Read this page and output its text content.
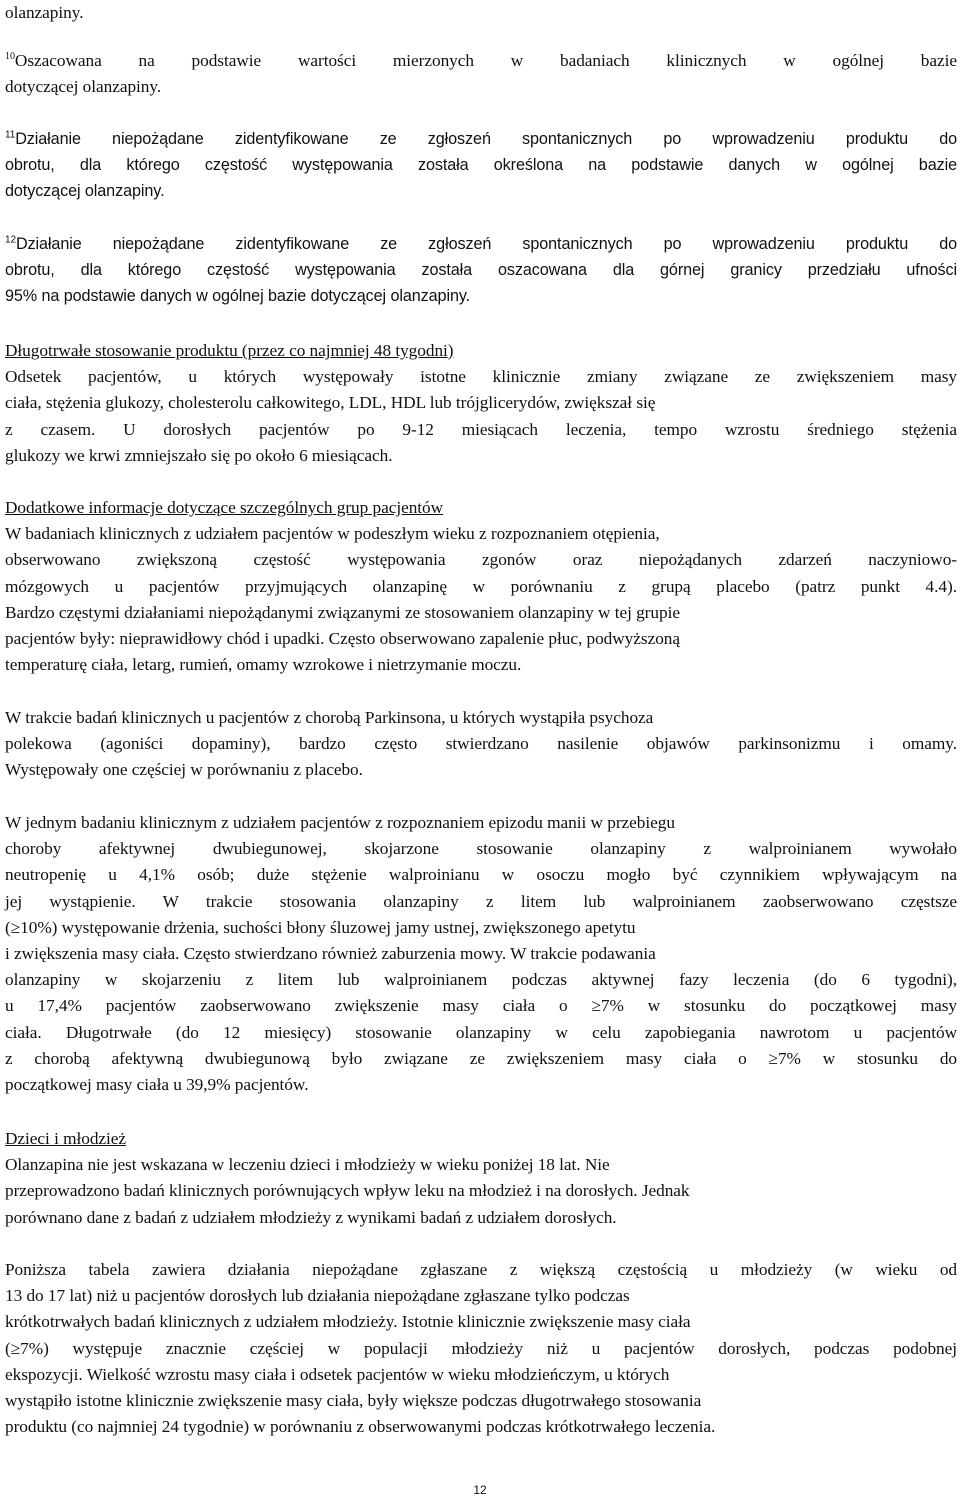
olanzapiny.
$^{10}$Oszacowana na podstawie wartości mierzonych w badaniach klinicznych w ogólnej bazie
dotyczącej olanzapiny.
$^{11}$Działanie niepożądane zidentyfikowane ze zgłoszeń spontanicznych po wprowadzeniu produktu do
obrotu, dla którego częstość występowania została określona na podstawie danych w ogólnej bazie
dotyczącej olanzapiny.
$^{12}$Działanie niepożądane zidentyfikowane ze zgłoszeń spontanicznych po wprowadzeniu produktu do
obrotu, dla którego częstość występowania została oszacowana dla górnej granicy przedziału ufności
95% na podstawie danych w ogólnej bazie dotyczącej olanzapiny.
Długotrwałe stosowanie produktu (przez co najmniej 48 tygodni)
Odsetek pacjentów, u których występowały istotne klinicznie zmiany związane ze zwiększeniem masy
ciała, stężenia glukozy, cholesterolu całkowitego, LDL, HDL lub trójglicerydów, zwiększał się
z czasem. U dorosłych pacjentów po 9-12 miesiącach leczenia, tempo wzrostu średniego stężenia
glukozy we krwi zmniejszało się po około 6 miesiącach.
Dodatkowe informacje dotyczące szczególnych grup pacjentów
W badaniach klinicznych z udziałem pacjentów w podeszłym wieku z rozpoznaniem otępienia,
obserwowano zwiększoną częstość występowania zgonów oraz niepożądanych zdarzeń naczyniowo-
mózgowych u pacjentów przyjmujących olanzapinę w porównaniu z grupą placebo (patrz punkt 4.4).
Bardzo częstymi działaniami niepożądanymi związanymi ze stosowaniem olanzapiny w tej grupie
pacjentów były: nieprawidłowy chód i upadki. Często obserwowano zapalenie płuc, podwyższoną
temperaturę ciała, letarg, rumień, omamy wzrokowe i nietrzymanie moczu.
W trakcie badań klinicznych u pacjentów z chorobą Parkinsona, u których wystąpiła psychoza
polekowa (agoniści dopaminy), bardzo często stwierdzano nasilenie objawów parkinsonizmu i omamy.
Występowały one częściej w porównaniu z placebo.
W jednym badaniu klinicznym z udziałem pacjentów z rozpoznaniem epizodu manii w przebiegu
choroby afektywnej dwubiegunowej, skojarzone stosowanie olanzapiny z walproinianem wywołało
neutropenię u 4,1% osób; duże stężenie walproinianu w osoczu mogło być czynnikiem wpływającym na
jej wystąpienie. W trakcie stosowania olanzapiny z litem lub walproinianem zaobserwowano częstsze
(≥10%) występowanie drżenia, suchości błony śluzowej jamy ustnej, zwiększonego apetytu
i zwiększenia masy ciała. Często stwierdzano również zaburzenia mowy. W trakcie podawania
olanzapiny w skojarzeniu z litem lub walproinianem podczas aktywnej fazy leczenia (do 6 tygodni),
u 17,4% pacjentów zaobserwowano zwiększenie masy ciała o ≥7% w stosunku do początkowej masy
ciała. Długotrwałe (do 12 miesięcy) stosowanie olanzapiny w celu zapobiegania nawrotom u pacjentów
z chorobą afektywną dwubiegunową było związane ze zwiększeniem masy ciała o ≥7% w stosunku do
początkowej masy ciała u 39,9% pacjentów.
Dzieci i młodzież
Olanzapina nie jest wskazana w leczeniu dzieci i młodzieży w wieku poniżej 18 lat. Nie
przeprowadzono badań klinicznych porównujących wpływ leku na młodzież i na dorosłych. Jednak
porównano dane z badań z udziałem młodzieży z wynikami badań z udziałem dorosłych.
Poniższa tabela zawiera działania niepożądane zgłaszane z większą częstością u młodzieży (w wieku od
13 do 17 lat) niż u pacjentów dorosłych lub działania niepożądane zgłaszane tylko podczas
krótkotrwałych badań klinicznych z udziałem młodzieży. Istotnie klinicznie zwiększenie masy ciała
(≥7%) występuje znacznie częściej w populacji młodzieży niż u pacjentów dorosłych, podczas podobnej
ekspozycji. Wielkość wzrostu masy ciała i odsetek pacjentów w wieku młodzieńczym, u których
wystąpiło istotne klinicznie zwiększenie masy ciała, były większe podczas długotrwałego stosowania
produktu (co najmniej 24 tygodnie) w porównaniu z obserwowanymi podczas krótkotrwałego leczenia.
12
